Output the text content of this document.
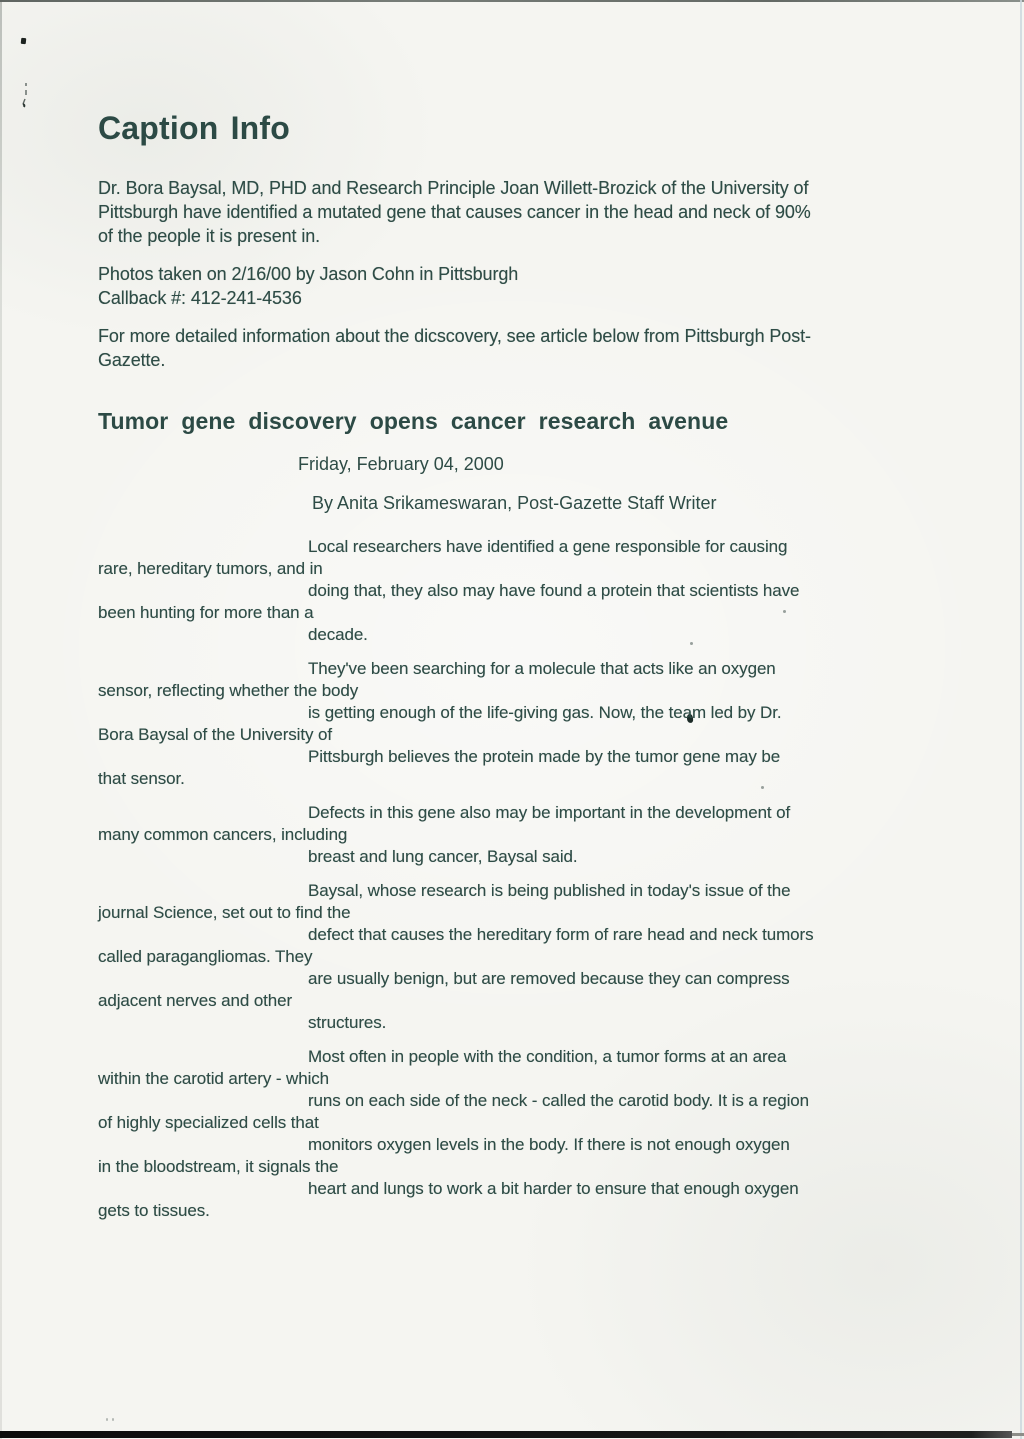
Caption Info
Dr. Bora Baysal, MD, PHD and Research Principle Joan Willett-Brozick of the University of
Pittsburgh have identified a mutated gene that causes cancer in the head and neck of 90%
of the people it is present in.
Photos taken on 2/16/00 by Jason Cohn in Pittsburgh
Callback #: 412-241-4536
For more detailed information about the dicscovery, see article below from Pittsburgh Post-
Gazette.
Tumor gene discovery opens cancer research avenue
Friday, February 04, 2000
By Anita Srikameswaran, Post-Gazette Staff Writer
Local researchers have identified a gene responsible for causing
rare, hereditary tumors, and in
doing that, they also may have found a protein that scientists have
been hunting for more than a
decade.
They've been searching for a molecule that acts like an oxygen
sensor, reflecting whether the body
is getting enough of the life-giving gas. Now, the team led by Dr.
Bora Baysal of the University of
Pittsburgh believes the protein made by the tumor gene may be
that sensor.
Defects in this gene also may be important in the development of
many common cancers, including
breast and lung cancer, Baysal said.
Baysal, whose research is being published in today's issue of the
journal Science, set out to find the
defect that causes the hereditary form of rare head and neck tumors
called paragangliomas. They
are usually benign, but are removed because they can compress
adjacent nerves and other
structures.
Most often in people with the condition, a tumor forms at an area
within the carotid artery - which
runs on each side of the neck - called the carotid body. It is a region
of highly specialized cells that
monitors oxygen levels in the body. If there is not enough oxygen
in the bloodstream, it signals the
heart and lungs to work a bit harder to ensure that enough oxygen
gets to tissues.
